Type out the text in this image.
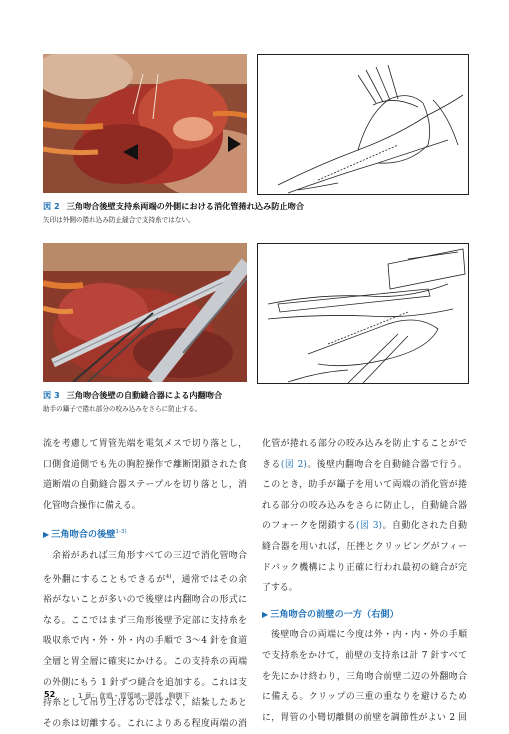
図 2 三角吻合後壁支持糸両端の外側における消化管捲れ込み防止吻合
矢印は外側の捲れ込み防止縫合で支持糸ではない。
図 3 三角吻合後壁の自動縫合器による内翻吻合
助手の鑷子で捲れ部分の咬み込みをさらに防止する。

流を考慮して胃管先端を電気メスで切り落とし，

口側食道側でも先の胸腔操作で離断閉鎖された食

道断端の自動縫合器ステープルを切り落とし，消

化管吻合操作に備える。

▶ 三角吻合の後壁$^{1-3)}$

余裕があれば三角形すべての三辺で消化管吻合

を外翻にすることもできるが$^{4)}$，通常ではその余

裕がないことが多いので後壁は内翻吻合の形式に

なる。ここではまず三角形後壁予定部に支持糸を

吸収糸で内・外・外・内の手順で 3～4 針を食道

全層と胃全層に確実にかける。この支持糸の両端

の外側にもう 1 針ずつ縫合を追加する。これは支

持糸として吊り上げるのではなく，結紮したあと

その糸は切離する。これによりある程度両端の消

化管が捲れる部分の咬み込みを防止することがで

きる(図 2)。後壁内翻吻合を自動縫合器で行う。

このとき，助手が鑷子を用いて両端の消化管が捲

れる部分の咬み込みをさらに防止し，自動縫合器

のフォークを閉鎖する(図 3)。自動化された自動

縫合器を用いれば，圧挫とクリッピングがフィー

ドバック機構により正確に行われ最初の縫合が完

了する。

▶ 三角吻合の前壁の一方（右側）

後壁吻合の両端に今度は外・内・内・外の手順

で支持糸をかけて，前壁の支持糸は計 7 針すべて

を先にかけ終わり，三角吻合前壁二辺の外翻吻合

に備える。クリップの三重の重なりを避けるため

に，胃管の小彎切離側の前壁を調節性がよい 2 回

52	1 章：食道・胃領域－頸部，胸腹下
